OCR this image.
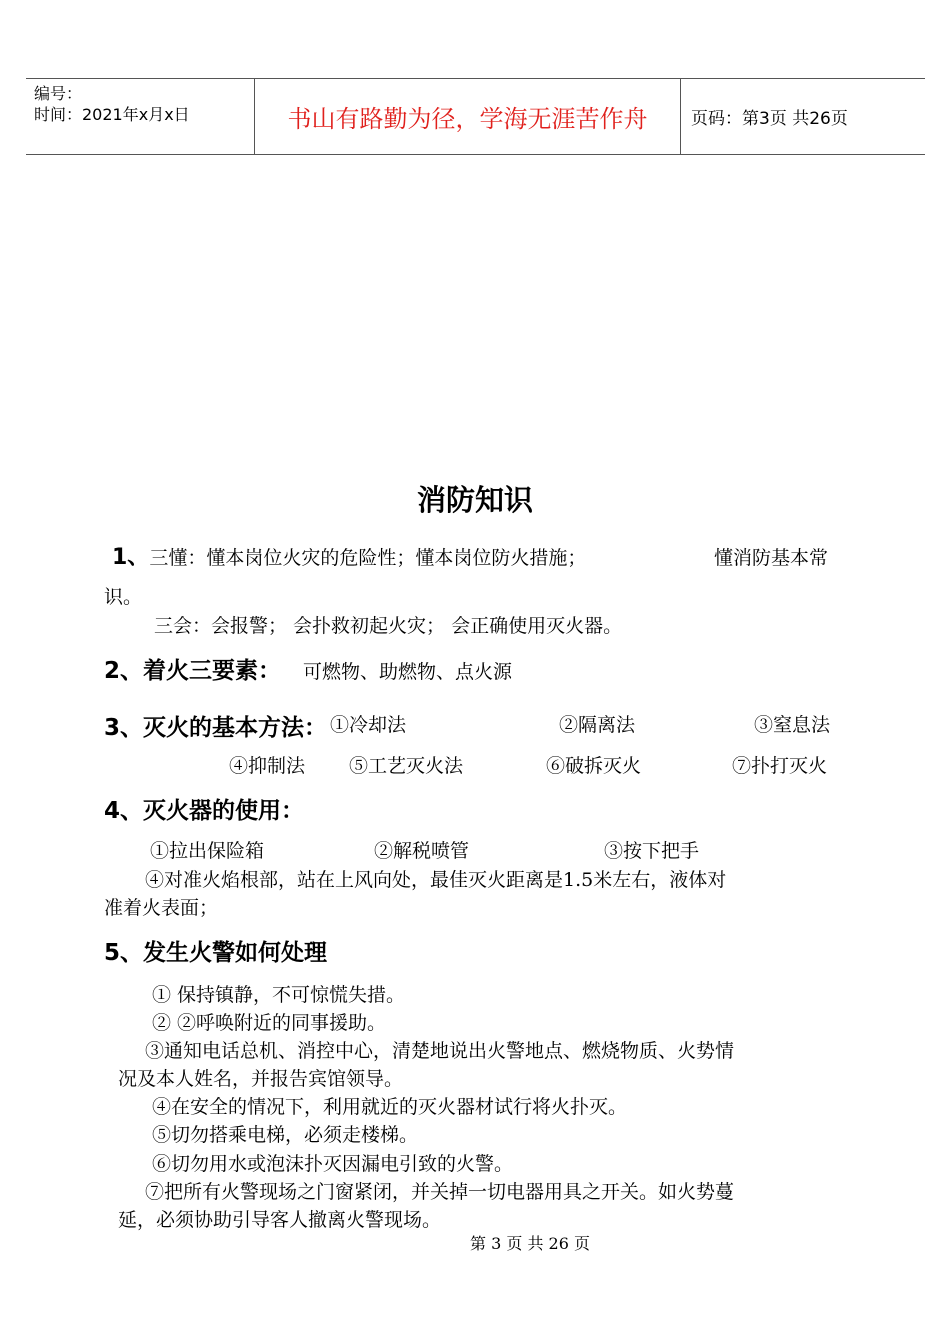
编号：
时间：2021年x月x日	书山有路勤为径，学海无涯苦作舟	页码：第3页 共26页
消防知识
1、三懂：懂本岗位火灾的危险性；懂本岗位防火措施；	懂消防基本常
识。
三会：会报警； 会扑救初起火灾； 会正确使用灭火器。
2、着火三要素： 可燃物、助燃物、点火源
3、灭火的基本方法： ①冷却法	②隔离法	③窒息法
④抑制法 ⑤工艺灭火法	⑥破拆灭火	⑦扑打灭火
4、灭火器的使用：
①拉出保险箱	②解税喷管	③按下把手
④对准火焰根部，站在上风向处，最佳灭火距离是1.5米左右，液体对
准着火表面；
5、发生火警如何处理
① 保持镇静，不可惊慌失措。
② ②呼唤附近的同事援助。
③通知电话总机、消控中心，清楚地说出火警地点、燃烧物质、火势情
况及本人姓名，并报告宾馆领导。
④在安全的情况下，利用就近的灭火器材试行将火扑灭。
⑤切勿搭乘电梯，必须走楼梯。
⑥切勿用水或泡沫扑灭因漏电引致的火警。
⑦把所有火警现场之门窗紧闭，并关掉一切电器用具之开关。如火势蔓
延，必须协助引导客人撤离火警现场。
第 3 页 共 26 页
